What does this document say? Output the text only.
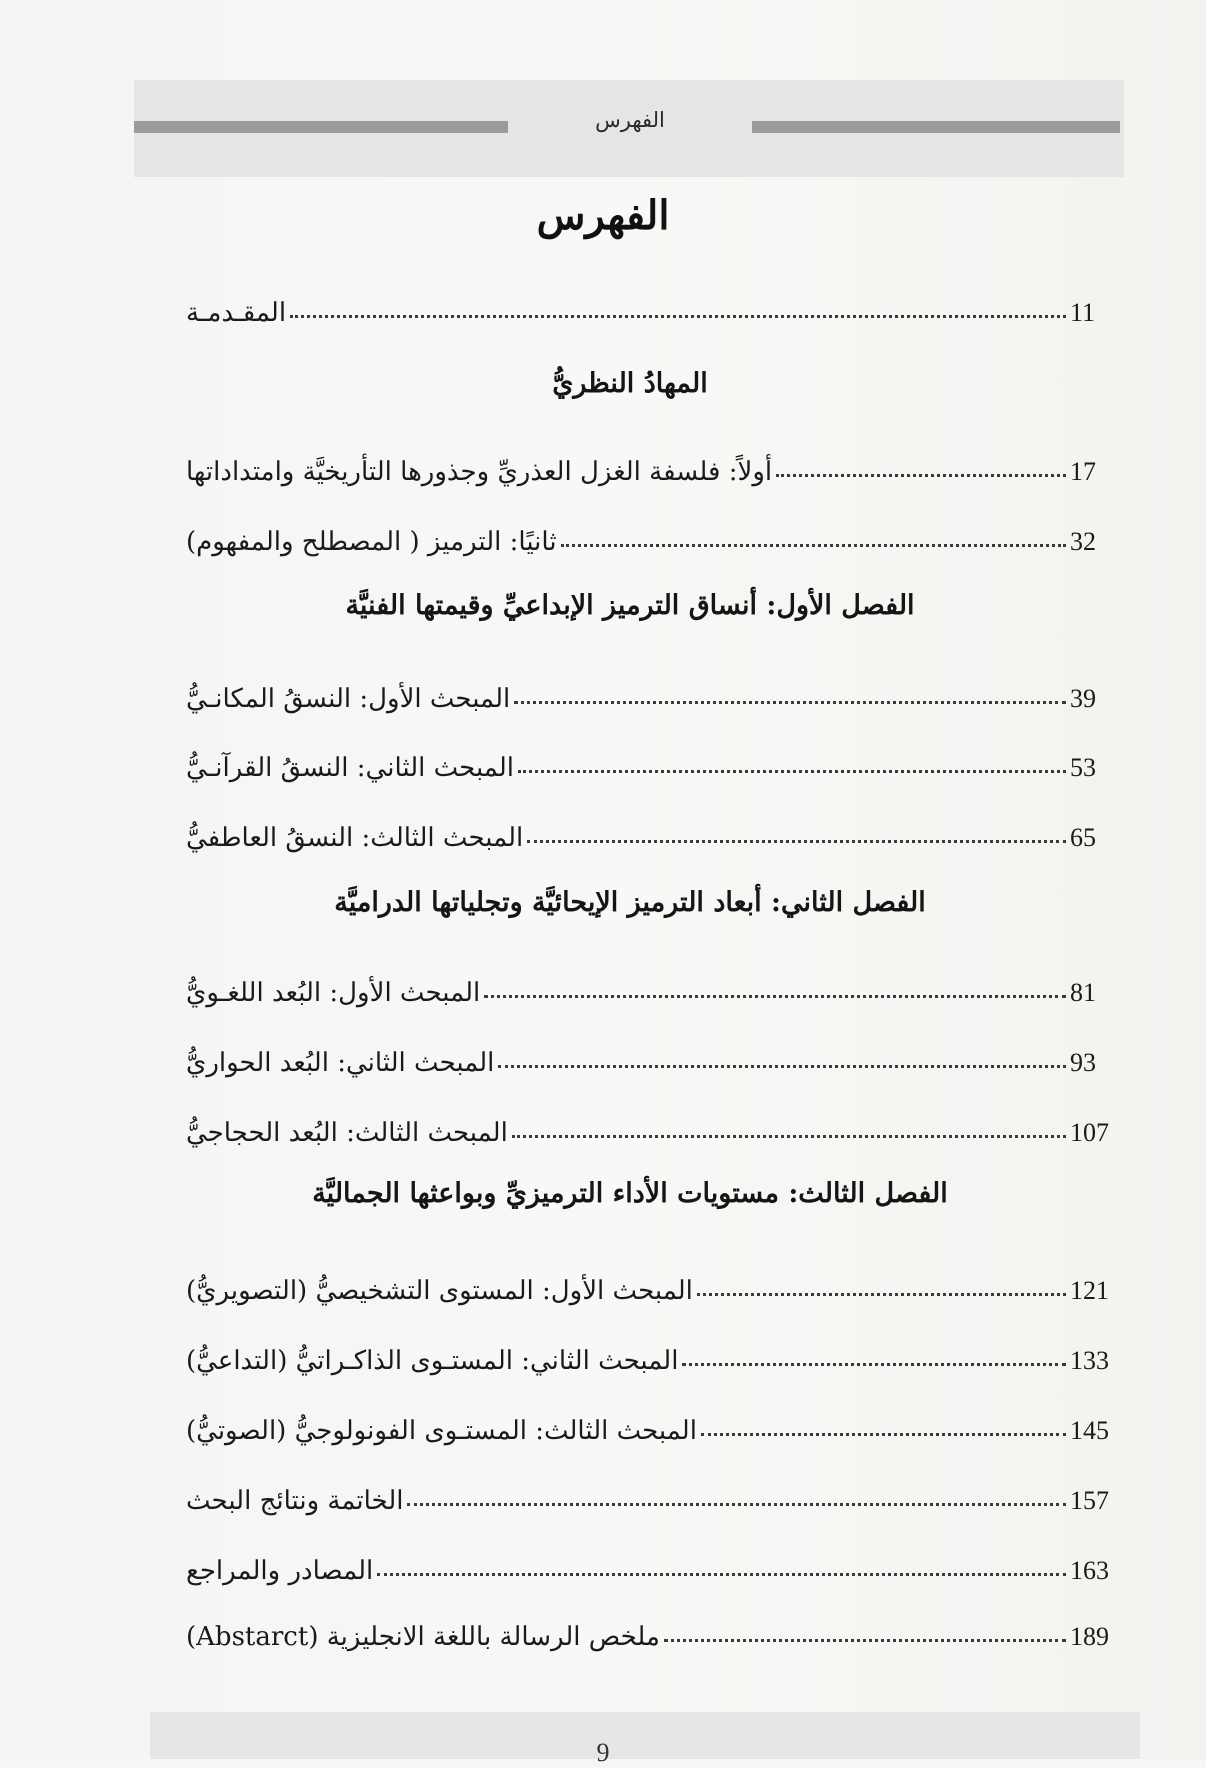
الفهرس
الفهرس
المقـدمـة	11
المهادُ النظريُّ
أولاً: فلسفة الغزل العذريِّ وجذورها التأريخيَّة وامتداداتها	17
ثانيًا: الترميز ( المصطلح والمفهوم)	32
الفصل الأول: أنساق الترميز الإبداعيِّ وقيمتها الفنيَّة
المبحث الأول: النسقُ المكانـيُّ	39
المبحث الثاني: النسقُ القرآنـيُّ	53
المبحث الثالث: النسقُ العاطفيُّ	65
الفصل الثاني: أبعاد الترميز الإيحائيَّة وتجلياتها الدراميَّة
المبحث الأول: البُعد اللغـويُّ	81
المبحث الثاني: البُعد الحواريُّ	93
المبحث الثالث: البُعد الحجاجيُّ	107
الفصل الثالث: مستويات الأداء الترميزيِّ وبواعثها الجماليَّة
المبحث الأول: المستوى التشخيصيُّ (التصويريُّ)	121
المبحث الثاني: المستـوى الذاكـراتيُّ (التداعيُّ)	133
المبحث الثالث: المستـوى الفونولوجيُّ (الصوتيُّ)	145
الخاتمة ونتائج البحث	157
المصادر والمراجع	163
ملخص الرسالة باللغة الانجليزية (Abstarct)	189
9
